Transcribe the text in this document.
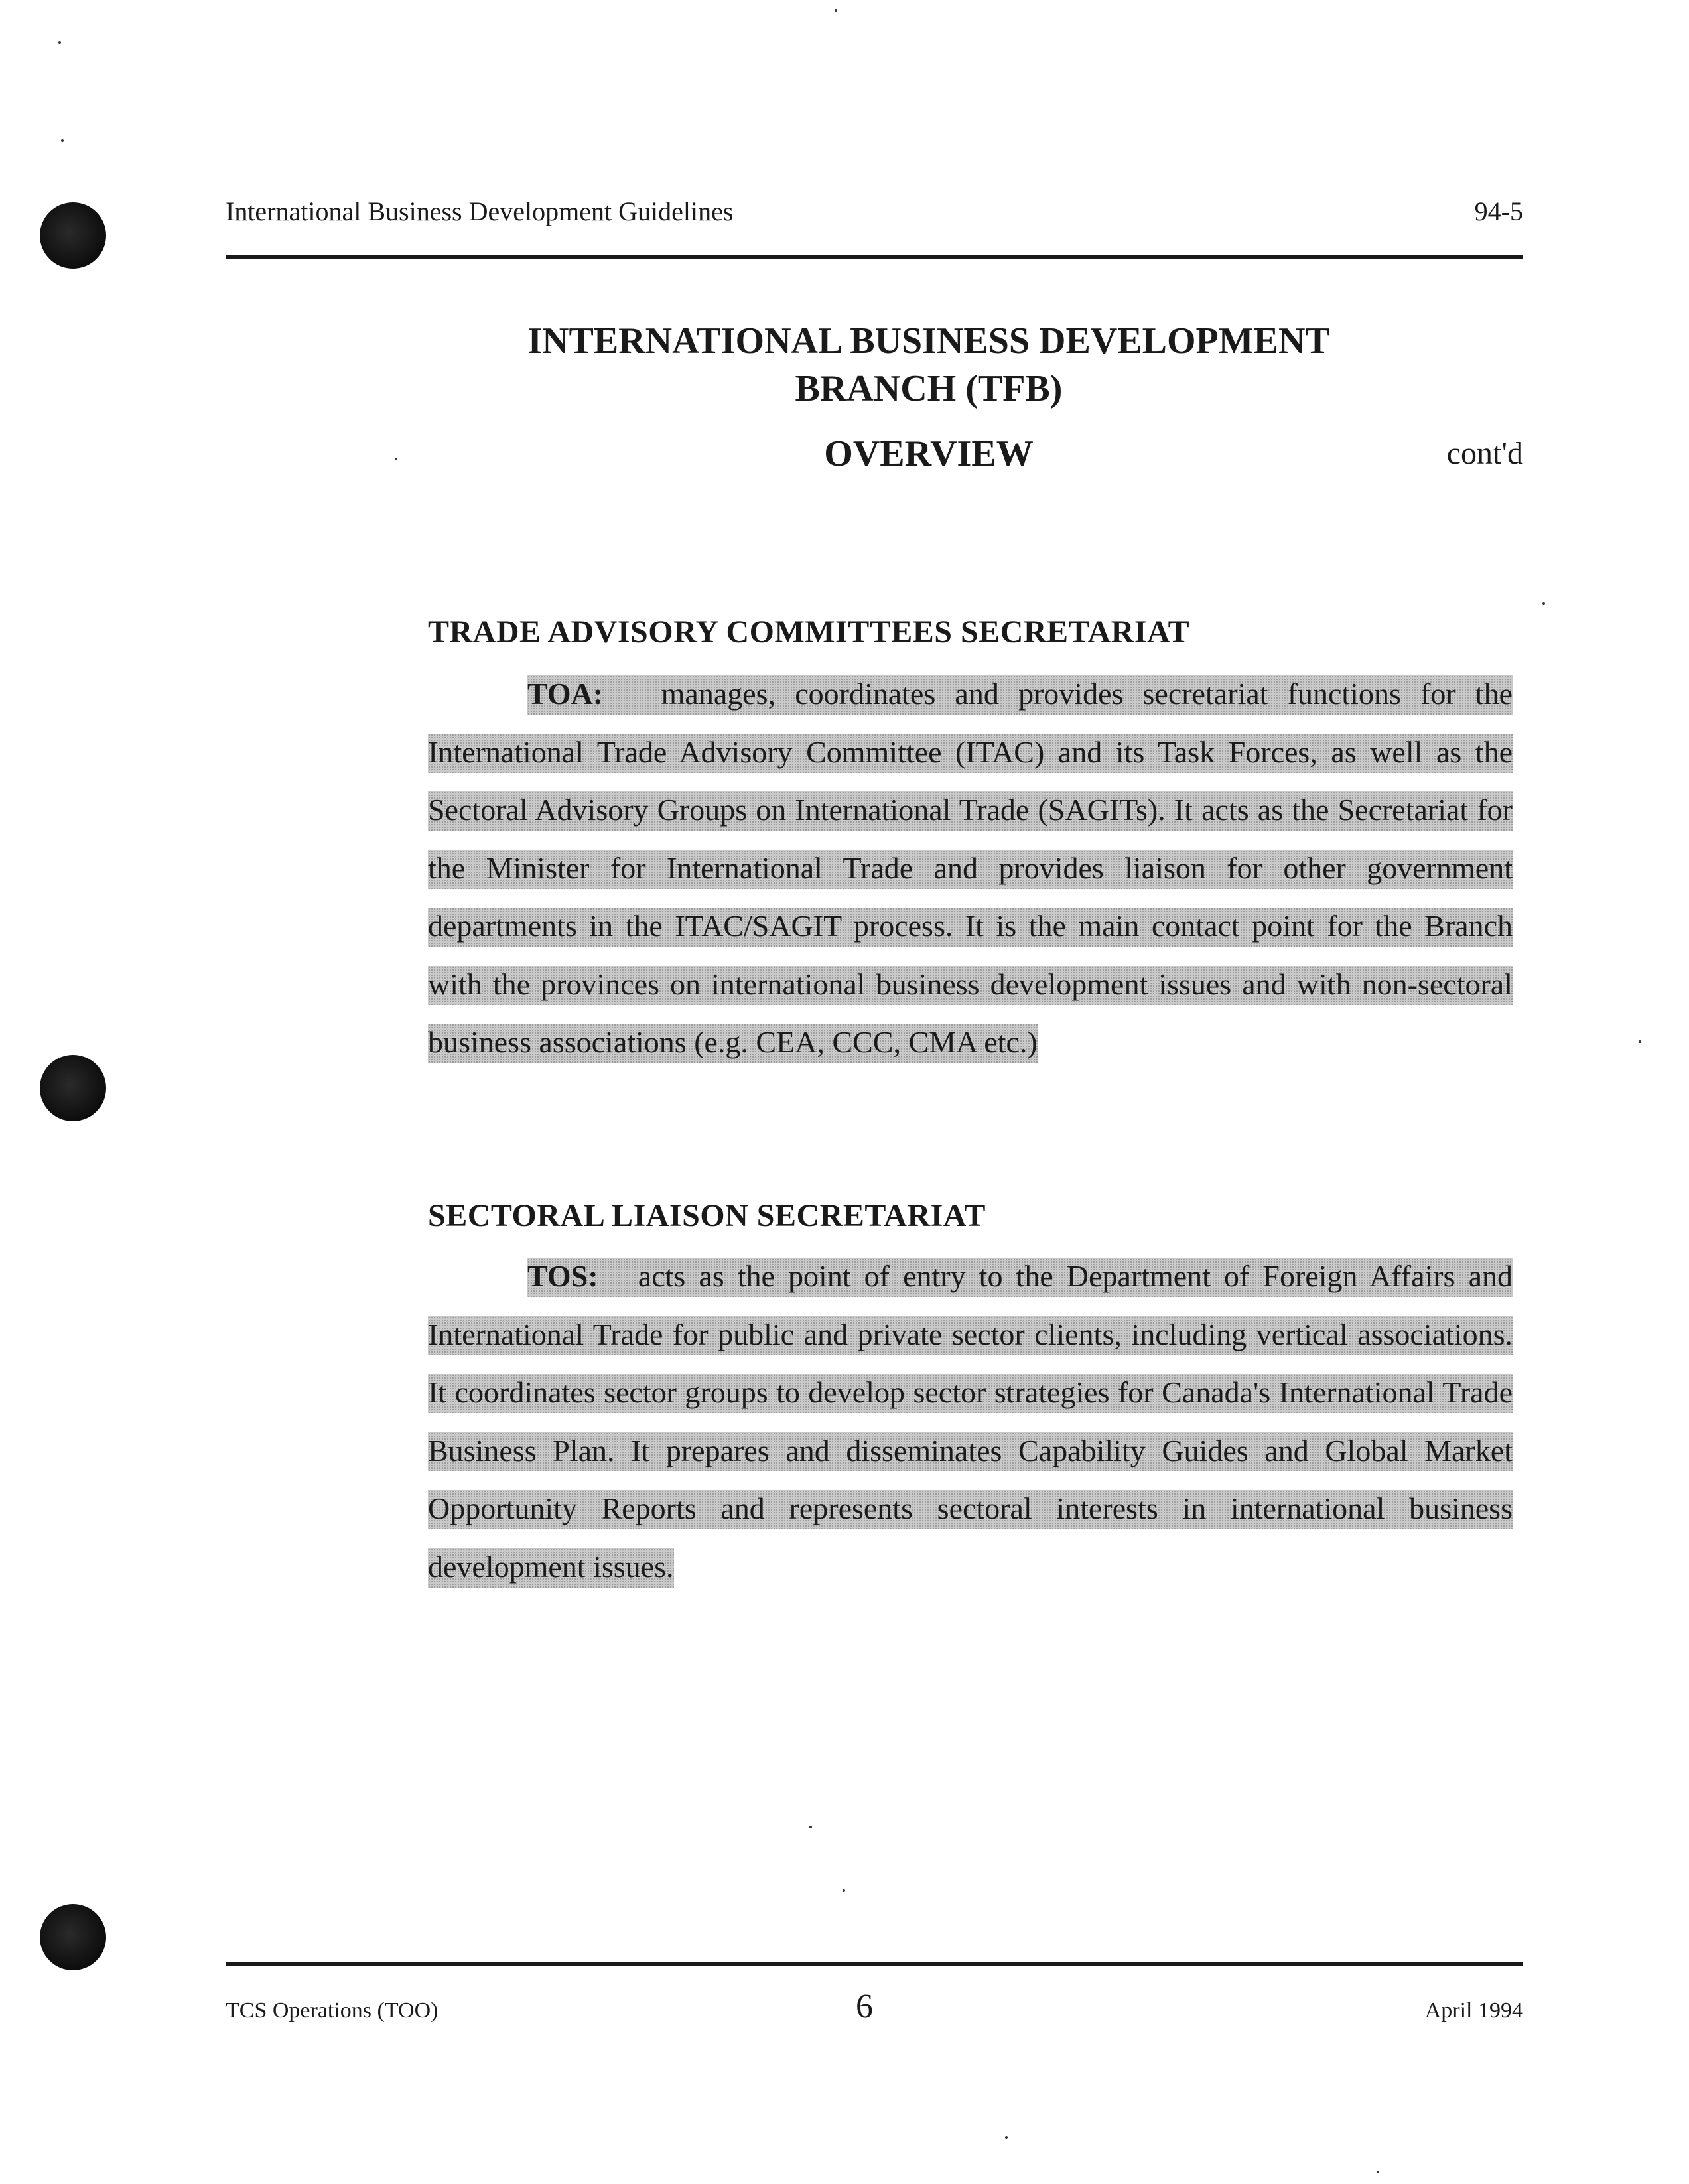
International Business Development Guidelines	94-5
INTERNATIONAL BUSINESS DEVELOPMENT
BRANCH (TFB)
OVERVIEW	cont'd
TRADE ADVISORY COMMITTEES SECRETARIAT
TOA: manages, coordinates and provides secretariat functions for the International Trade Advisory Committee (ITAC) and its Task Forces, as well as the Sectoral Advisory Groups on International Trade (SAGITs). It acts as the Secretariat for the Minister for International Trade and provides liaison for other government departments in the ITAC/SAGIT process. It is the main contact point for the Branch with the provinces on international business development issues and with non-sectoral business associations (e.g. CEA, CCC, CMA etc.)
SECTORAL LIAISON SECRETARIAT
TOS: acts as the point of entry to the Department of Foreign Affairs and International Trade for public and private sector clients, including vertical associations. It coordinates sector groups to develop sector strategies for Canada's International Trade Business Plan. It prepares and disseminates Capability Guides and Global Market Opportunity Reports and represents sectoral interests in international business development issues.
TCS Operations (TOO)	6	April 1994
